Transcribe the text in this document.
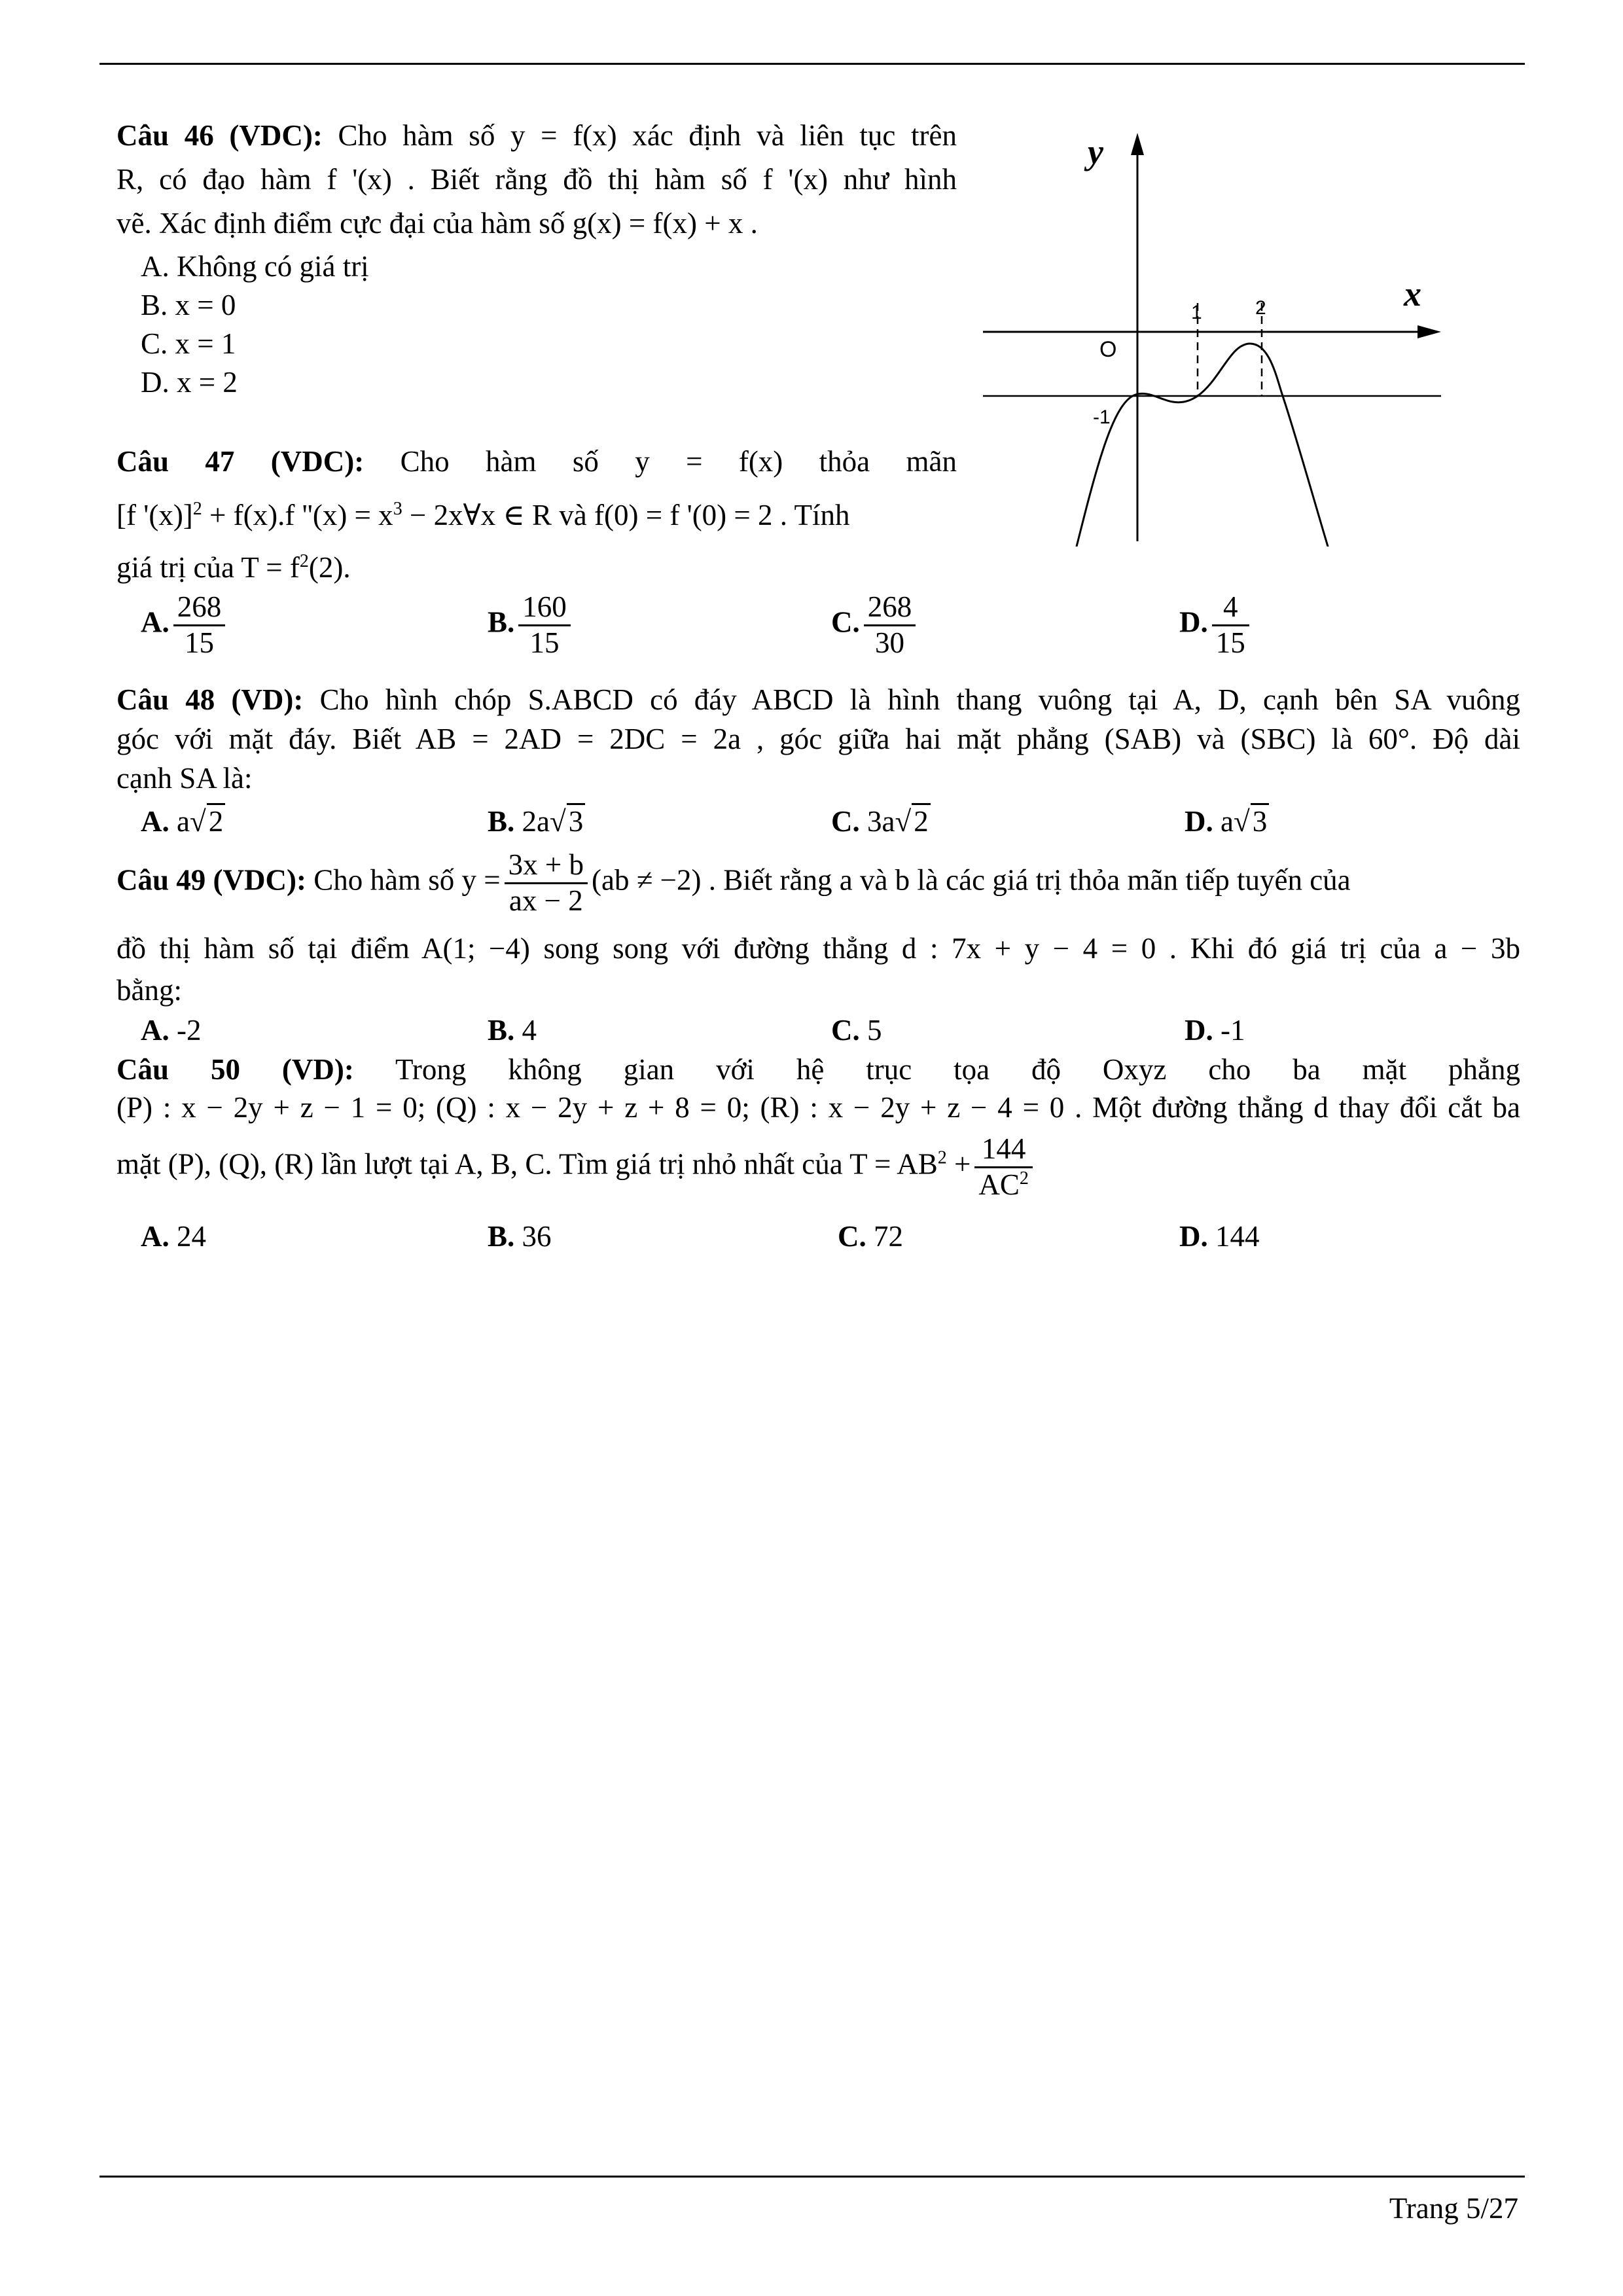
Câu 46 (VDC): Cho hàm số y = f(x) xác định và liên tục trên
R, có đạo hàm f '(x) . Biết rằng đồ thị hàm số f '(x) như hình
vẽ. Xác định điểm cực đại của hàm số g(x) = f(x) + x .
A. Không có giá trị
B. x = 0
C. x = 1
D. x = 2
y
x
O
1	2
-1
Câu 47 (VDC): Cho hàm số y = f(x) thỏa mãn
[f '(x)]$^2$ + f(x).f ''$(x) = x^3$ − 2x∀x ∈ R và f(0) = f '(0) = 2 . Tính
giá trị của $T = f^2(2)$.
A. $\frac{268}{15}$	B. $\frac{160}{15}$	C. $\frac{268}{30}$	D. $\frac{4}{15}$
Câu 48 (VD): Cho hình chóp S.ABCD có đáy ABCD là hình thang vuông tại A, D, cạnh bên SA vuông
góc với mặt đáy. Biết AB = 2AD = 2DC = 2a , góc giữa hai mặt phẳng (SAB) và (SBC) là 60°. Độ dài
cạnh SA là:
A. a√2	B. 2a√3	C. 3a√2	D. a√3
Câu 49 (VDC): Cho hàm số $y = \frac{3x + b}{ax - 2} (ab \ne -2)$ . Biết rằng a và b là các giá trị thỏa mãn tiếp tuyến của
đồ thị hàm số tại điểm A(1; −4) song song với đường thẳng d : 7x + y − 4 = 0 . Khi đó giá trị của a − 3b
bằng:
A. -2	B. 4	C. 5	D. -1
Câu 50 (VD): Trong không gian với hệ trục tọa độ Oxyz cho ba mặt phẳng
(P) : x − 2y + z − 1 = 0; (Q) : x − 2y + z + 8 = 0; (R) : x − 2y + z − 4 = 0 . Một đường thẳng d thay đổi cắt ba
mặt (P), (Q), (R) lần lượt tại A, B, C. Tìm giá trị nhỏ nhất của $T = AB^2 + \frac{144}{AC^2}$
A. 24	B. 36	C. 72	D. 144
Trang 5/27
